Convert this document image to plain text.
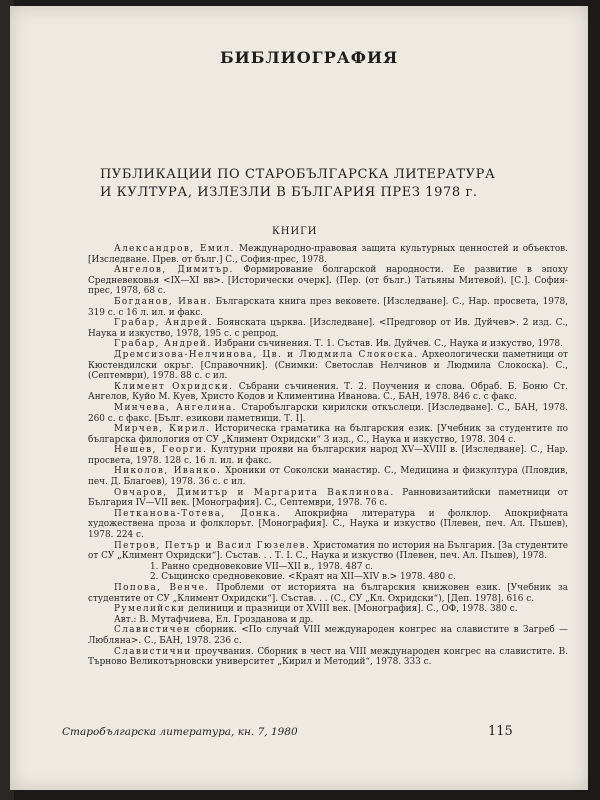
БИБЛИОГРАФИЯ
ПУБЛИКАЦИИ ПО СТАРОБЪЛГАРСКА ЛИТЕРАТУРА
И КУЛТУРА, ИЗЛЕЗЛИ В БЪЛГАРИЯ ПРЕЗ 1978 г.
КНИГИ

Александров, Емил. Международно-правовая защита культурных ценностей и объектов. [Изследване. Прев. от бълг.] С., София-прес, 1978.

Ангелов, Димитър. Формирование болгарской народности. Ее развитие в эпоху Средневековья <IX—XI вв>. [Исторически очерк]. (Пер. (от бълг.) Татьяны Митевой). [С.]. София-прес, 1978, 68 с.

Богданов, Иван. Българската книга през вековете. [Изследване]. С., Нар. просвета, 1978, 319 с. с 16 л. ил. и факс.

Грабар, Андрей. Боянската църква. [Изследване]. <Предговор от Ив. Дуйчев>. 2 изд. С., Наука и изкуство, 1978, 195 с. с репрод.

Грабар, Андрей. Избрани съчинения. Т. 1. Състав. Ив. Дуйчев. С., Наука и изкуство, 1978.

Дремсизова-Нелчинова, Цв. и Людмила Слокоска. Археологически паметници от Кюстендилски окръг. [Справочник]. (Снимки: Светослав Нелчинов и Людмила Слокоска). С., (Септември), 1978. 88 с. с ил.

Климент Охридски. Събрани съчинения. Т. 2. Поучения и слова. Обраб. Б. Боню Ст. Ангелов, Куйо М. Куев, Христо Кодов и Климентина Иванова. С., БАН, 1978. 846 с. с факс.

Минчева, Ангелина. Старобългарски кирилски откъслеци. [Изследване]. С., БАН, 1978. 260 с. с факс. [Бълг. езикови паметници. Т. I].

Мирчев, Кирил. Историческа граматика на българския език. [Учебник за студентите по българска филология от СУ „Климент Охридски“ 3 изд., С., Наука и изкуство, 1978. 304 с.

Нешев, Георги. Културни прояви на българския народ XV—XVIII в. [Изследване]. С., Нар. просвета, 1978. 128 с. 16 л. ил. и факс.

Николов, Иванко. Хроники от Соколски манастир. С., Медицина и физкултура (Пловдив, печ. Д. Благоев), 1978. 36 с. с ил.

Овчаров, Димитър и Маргарита Ваклинова. Ранновизантийски паметници от България IV—VII век. [Монография]. С., Септември, 1978. 76 с.

Петканова-Тотева, Донка. Апокрифна литература и фолклор. Апокрифната художествена проза и фолклорът. [Монография]. С., Наука и изкуство (Плевен, печ. Ал. Пъшев), 1978. 224 с.

Петров, Петър и Васил Гюзелев. Христоматия по история на България. [За студентите от СУ „Климент Охридски“]. Състав. . . Т. I. С., Наука и изкуство (Плевен, печ. Ал. Пъшев), 1978.

1. Ранно средновековие VII—XII в., 1978. 487 с.

2. Същинско средновековие. <Краят на XII—XIV в.> 1978. 480 с.

Попова, Венче. Проблеми от историята на българския книжовен език. [Учебник за студентите от СУ „Климент Охридски“]. Състав. . . (С., СУ „Кл. Охридски“), [Деп. 1978]. 616 с.

Румелийски делиници и празници от XVIII век. [Монография]. С., ОФ, 1978. 380 с.

Авт.: В. Мутафчиева, Ел. Грозданова и др.

Славистичен сборник. <По случай VIII международен конгрес на славистите в Загреб — Любляна>. С., БАН, 1978. 236 с.

Славистични проучвания. Сборник в чест на VIII международен конгрес на славистите. В. Търново Великотърновски университет „Кирил и Методий“, 1978. 333 с.

Старобългарска литература, кн. 7, 1980	115
